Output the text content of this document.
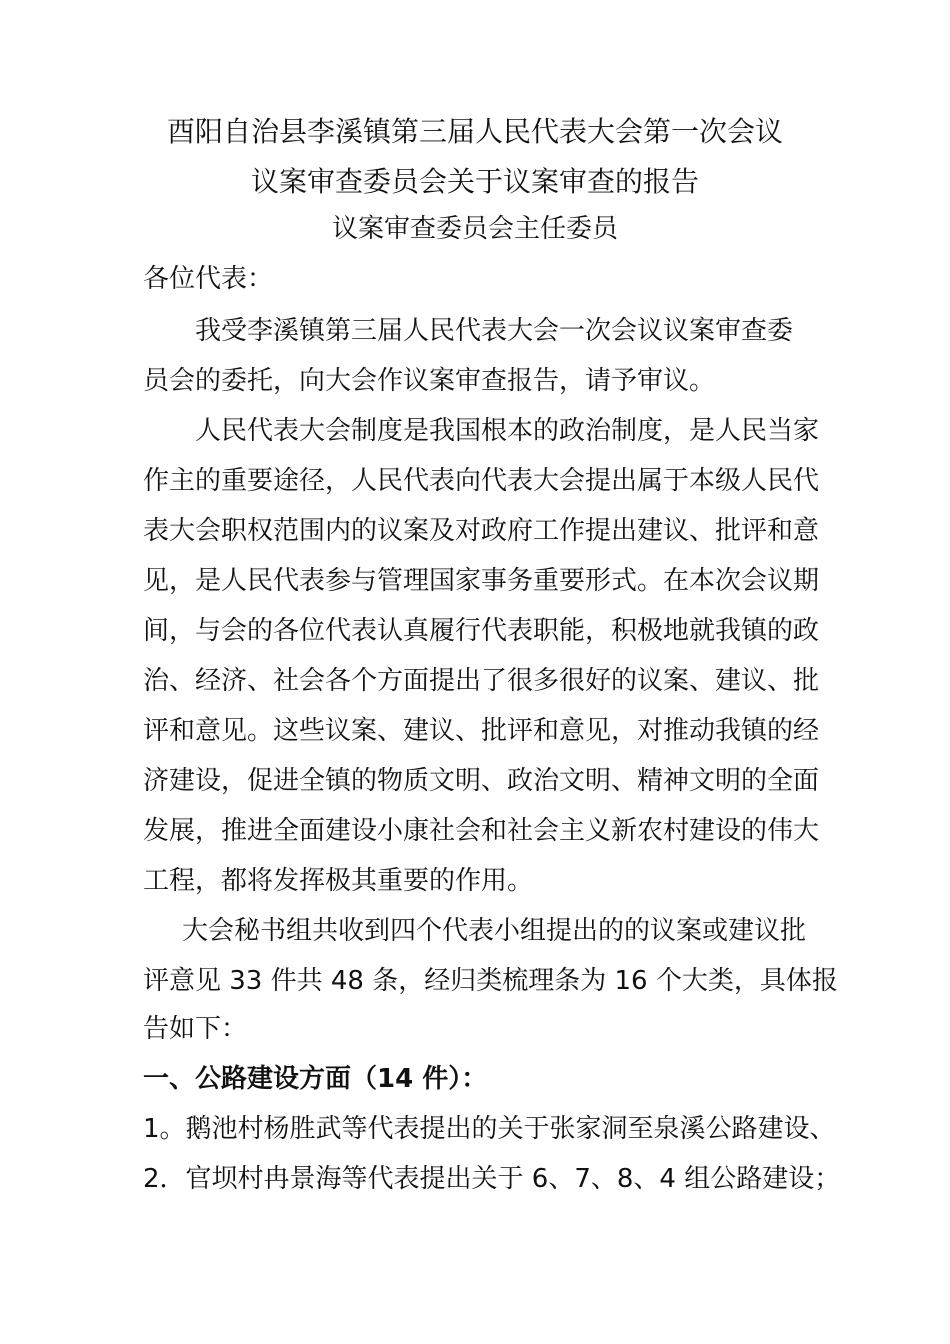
酉阳自治县李溪镇第三届人民代表大会第一次会议
议案审查委员会关于议案审查的报告
议案审查委员会主任委员
各位代表：
我受李溪镇第三届人民代表大会一次会议议案审查委
员会的委托，向大会作议案审查报告，请予审议。
人民代表大会制度是我国根本的政治制度，是人民当家
作主的重要途径，人民代表向代表大会提出属于本级人民代
表大会职权范围内的议案及对政府工作提出建议、批评和意
见，是人民代表参与管理国家事务重要形式。在本次会议期
间，与会的各位代表认真履行代表职能，积极地就我镇的政
治、经济、社会各个方面提出了很多很好的议案、建议、批
评和意见。这些议案、建议、批评和意见，对推动我镇的经
济建设，促进全镇的物质文明、政治文明、精神文明的全面
发展，推进全面建设小康社会和社会主义新农村建设的伟大
工程，都将发挥极其重要的作用。
大会秘书组共收到四个代表小组提出的的议案或建议批
评意见 33 件共 48 条，经归类梳理条为 16 个大类，具体报
告如下：
一、公路建设方面（14 件）：
1。鹅池村杨胜武等代表提出的关于张家洞至泉溪公路建设、
2．官坝村冉景海等代表提出关于 6、7、8、4 组公路建设；
